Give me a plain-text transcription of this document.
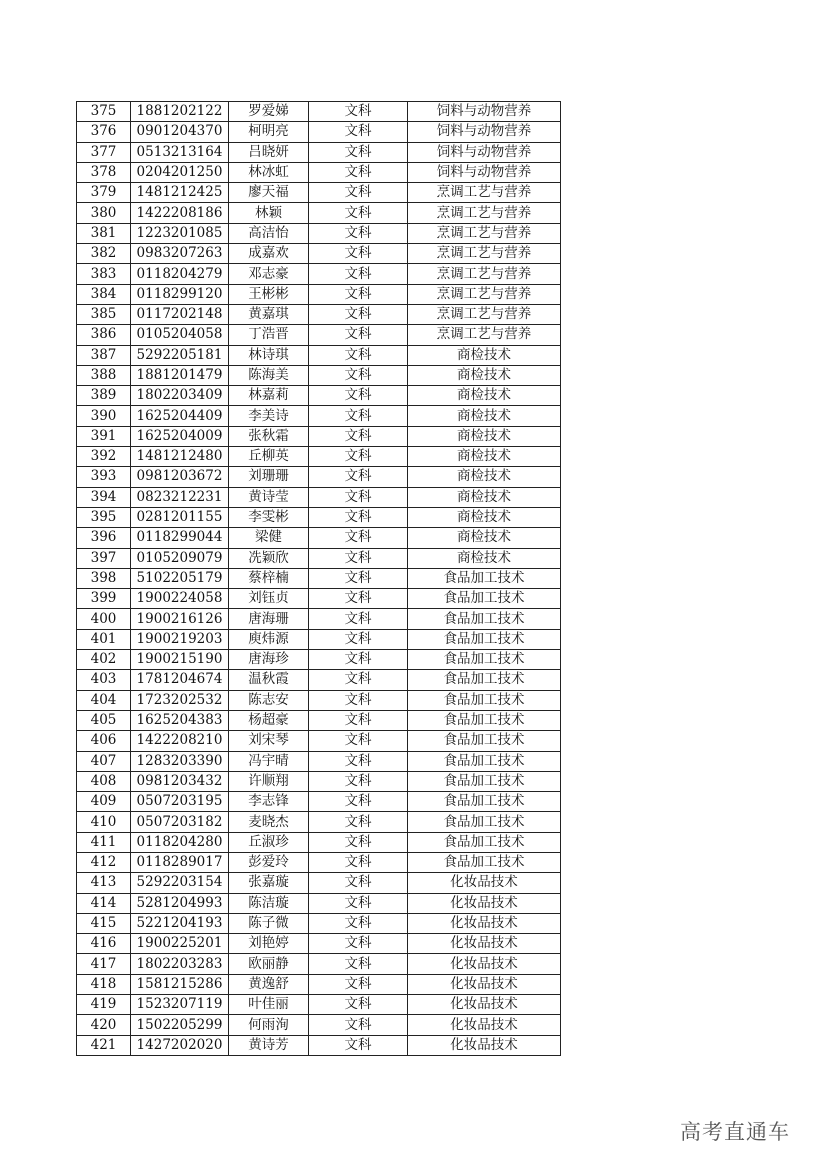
375	1881202122	罗爱娣	文科	饲料与动物营养
376	0901204370	柯明亮	文科	饲料与动物营养
377	0513213164	吕晓妍	文科	饲料与动物营养
378	0204201250	林冰虹	文科	饲料与动物营养
379	1481212425	廖天福	文科	烹调工艺与营养
380	1422208186	林颖	文科	烹调工艺与营养
381	1223201085	高洁怡	文科	烹调工艺与营养
382	0983207263	成嘉欢	文科	烹调工艺与营养
383	0118204279	邓志豪	文科	烹调工艺与营养
384	0118299120	王彬彬	文科	烹调工艺与营养
385	0117202148	黄嘉琪	文科	烹调工艺与营养
386	0105204058	丁浩晋	文科	烹调工艺与营养
387	5292205181	林诗琪	文科	商检技术
388	1881201479	陈海美	文科	商检技术
389	1802203409	林嘉莉	文科	商检技术
390	1625204409	李美诗	文科	商检技术
391	1625204009	张秋霜	文科	商检技术
392	1481212480	丘柳英	文科	商检技术
393	0981203672	刘珊珊	文科	商检技术
394	0823212231	黄诗莹	文科	商检技术
395	0281201155	李雯彬	文科	商检技术
396	0118299044	梁健	文科	商检技术
397	0105209079	冼颖欣	文科	商检技术
398	5102205179	蔡梓楠	文科	食品加工技术
399	1900224058	刘钰贞	文科	食品加工技术
400	1900216126	唐海珊	文科	食品加工技术
401	1900219203	庾炜源	文科	食品加工技术
402	1900215190	唐海珍	文科	食品加工技术
403	1781204674	温秋霞	文科	食品加工技术
404	1723202532	陈志安	文科	食品加工技术
405	1625204383	杨超豪	文科	食品加工技术
406	1422208210	刘宋琴	文科	食品加工技术
407	1283203390	冯宇晴	文科	食品加工技术
408	0981203432	许顺翔	文科	食品加工技术
409	0507203195	李志锋	文科	食品加工技术
410	0507203182	麦晓杰	文科	食品加工技术
411	0118204280	丘淑珍	文科	食品加工技术
412	0118289017	彭爱玲	文科	食品加工技术
413	5292203154	张嘉璇	文科	化妆品技术
414	5281204993	陈洁璇	文科	化妆品技术
415	5221204193	陈子微	文科	化妆品技术
416	1900225201	刘艳婷	文科	化妆品技术
417	1802203283	欧丽静	文科	化妆品技术
418	1581215286	黄逸舒	文科	化妆品技术
419	1523207119	叶佳丽	文科	化妆品技术
420	1502205299	何雨洵	文科	化妆品技术
421	1427202020	黄诗芳	文科	化妆品技术
高考直通车
